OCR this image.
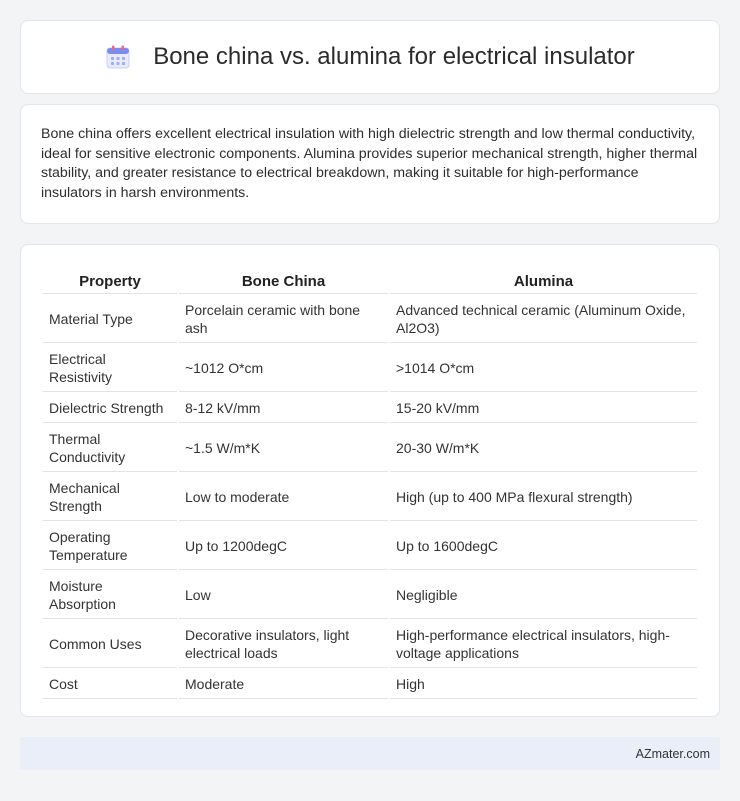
Bone china vs. alumina for electrical insulator

Bone china offers excellent electrical insulation with high dielectric strength and low thermal conductivity, ideal for sensitive electronic components. Alumina provides superior mechanical strength, higher thermal stability, and greater resistance to electrical breakdown, making it suitable for high-performance insulators in harsh environments.

Property	Bone China	Alumina
Material Type	Porcelain ceramic with bone ash	Advanced technical ceramic (Aluminum Oxide, Al2O3)
Electrical Resistivity	~1012 O*cm	>1014 O*cm
Dielectric Strength	8-12 kV/mm	15-20 kV/mm
Thermal Conductivity	~1.5 W/m*K	20-30 W/m*K
Mechanical Strength	Low to moderate	High (up to 400 MPa flexural strength)
Operating Temperature	Up to 1200degC	Up to 1600degC
Moisture Absorption	Low	Negligible
Common Uses	Decorative insulators, light electrical loads	High-performance electrical insulators, high-voltage applications
Cost	Moderate	High
AZmater.com
